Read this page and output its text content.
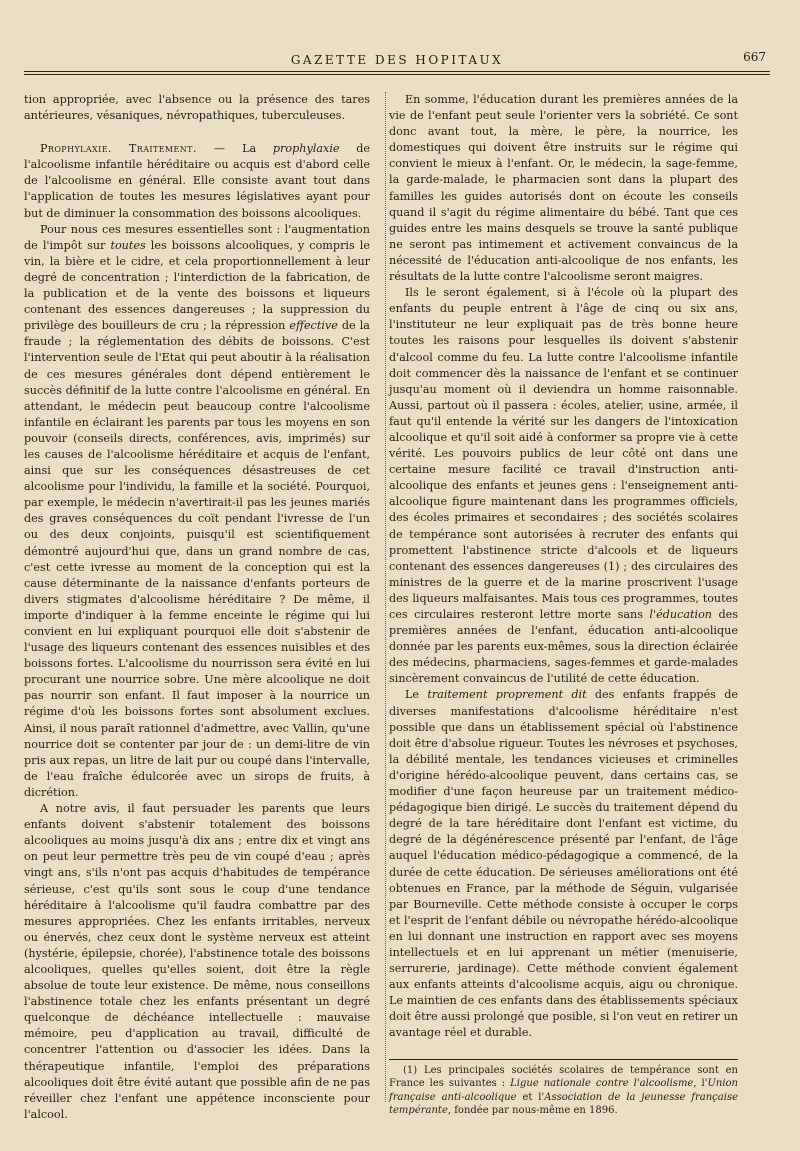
GAZETTE DES HOPITAUX	667

tion appropriée, avec l'absence ou la présence des tares antérieures, vésaniques, névropathiques, tuberculeuses.

Prophylaxie. Traitement. — La prophylaxie de l'alcoolisme infantile héréditaire ou acquis est d'abord celle de l'alcoolisme en général. Elle consiste avant tout dans l'application de toutes les mesures législatives ayant pour but de diminuer la consommation des boissons alcooliques.

Pour nous ces mesures essentielles sont : l'augmentation de l'impôt sur toutes les boissons alcooliques, y compris le vin, la bière et le cidre, et cela proportionnellement à leur degré de concentration ; l'interdiction de la fabrication, de la publication et de la vente des boissons et liqueurs contenant des essences dangereuses ; la suppression du privilège des bouilleurs de cru ; la répression effective de la fraude ; la réglementation des débits de boissons. C'est l'intervention seule de l'Etat qui peut aboutir à la réalisation de ces mesures générales dont dépend entièrement le succès définitif de la lutte contre l'alcoolisme en général. En attendant, le médecin peut beaucoup contre l'alcoolisme infantile en éclairant les parents par tous les moyens en son pouvoir (conseils directs, conférences, avis, imprimés) sur les causes de l'alcoolisme héréditaire et acquis de l'enfant, ainsi que sur les conséquences désastreuses de cet alcoolisme pour l'individu, la famille et la société. Pourquoi, par exemple, le médecin n'avertirait-il pas les jeunes mariés des graves conséquences du coït pendant l'ivresse de l'un ou des deux conjoints, puisqu'il est scientifiquement démontré aujourd'hui que, dans un grand nombre de cas, c'est cette ivresse au moment de la conception qui est la cause déterminante de la naissance d'enfants porteurs de divers stigmates d'alcoolisme héréditaire ? De même, il importe d'indiquer à la femme enceinte le régime qui lui convient en lui expliquant pourquoi elle doit s'abstenir de l'usage des liqueurs contenant des essences nuisibles et des boissons fortes. L'alcoolisme du nourrisson sera évité en lui procurant une nourrice sobre. Une mère alcoolique ne doit pas nourrir son enfant. Il faut imposer à la nourrice un régime d'où les boissons fortes sont absolument exclues. Ainsi, il nous paraît rationnel d'admettre, avec Vallin, qu'une nourrice doit se contenter par jour de : un demi-litre de vin pris aux repas, un litre de lait pur ou coupé dans l'intervalle, de l'eau fraîche édulcorée avec un sirops de fruits, à dicrétion.

A notre avis, il faut persuader les parents que leurs enfants doivent s'abstenir totalement des boissons alcooliques au moins jusqu'à dix ans ; entre dix et vingt ans on peut leur permettre très peu de vin coupé d'eau ; après vingt ans, s'ils n'ont pas acquis d'habitudes de tempérance sérieuse, c'est qu'ils sont sous le coup d'une tendance héréditaire à l'alcoolisme qu'il faudra combattre par des mesures appropriées. Chez les enfants irritables, nerveux ou énervés, chez ceux dont le système nerveux est atteint (hystérie, épilepsie, chorée), l'abstinence totale des boissons alcooliques, quelles qu'elles soient, doit être la règle absolue de toute leur existence. De même, nous conseillons l'abstinence totale chez les enfants présentant un degré quelconque de déchéance intellectuelle : mauvaise mémoire, peu d'application au travail, difficulté de concentrer l'attention ou d'associer les idées. Dans la thérapeutique infantile, l'emploi des préparations alcooliques doit être évité autant que possible afin de ne pas réveiller chez l'enfant une appétence inconsciente pour l'alcool.

En somme, l'éducation durant les premières années de la vie de l'enfant peut seule l'orienter vers la sobriété. Ce sont donc avant tout, la mère, le père, la nourrice, les domestiques qui doivent être instruits sur le régime qui convient le mieux à l'enfant. Or, le médecin, la sage-femme, la garde-malade, le pharmacien sont dans la plupart des familles les guides autorisés dont on écoute les conseils quand il s'agit du régime alimentaire du bébé. Tant que ces guides entre les mains desquels se trouve la santé publique ne seront pas intimement et activement convaincus de la nécessité de l'éducation anti-alcoolique de nos enfants, les résultats de la lutte contre l'alcoolisme seront maigres.

Ils le seront également, si à l'école où la plupart des enfants du peuple entrent à l'âge de cinq ou six ans, l'instituteur ne leur expliquait pas de très bonne heure toutes les raisons pour lesquelles ils doivent s'abstenir d'alcool comme du feu. La lutte contre l'alcoolisme infantile doit commencer dès la naissance de l'enfant et se continuer jusqu'au moment où il deviendra un homme raisonnable. Aussi, partout où il passera : écoles, atelier, usine, armée, il faut qu'il entende la vérité sur les dangers de l'intoxication alcoolique et qu'il soit aidé à conformer sa propre vie à cette vérité. Les pouvoirs publics de leur côté ont dans une certaine mesure facilité ce travail d'instruction anti-alcoolique des enfants et jeunes gens : l'enseignement anti-alcoolique figure maintenant dans les programmes officiels, des écoles primaires et secondaires ; des sociétés scolaires de tempérance sont autorisées à recruter des enfants qui promettent l'abstinence stricte d'alcools et de liqueurs contenant des essences dangereuses (1) ; des circulaires des ministres de la guerre et de la marine proscrivent l'usage des liqueurs malfaisantes. Mais tous ces programmes, toutes ces circulaires resteront lettre morte sans l'éducation des premières années de l'enfant, éducation anti-alcoolique donnée par les parents eux-mêmes, sous la direction éclairée des médecins, pharmaciens, sages-femmes et garde-malades sincèrement convaincus de l'utilité de cette éducation.

Le traitement proprement dit des enfants frappés de diverses manifestations d'alcoolisme héréditaire n'est possible que dans un établissement spécial où l'abstinence doit être d'absolue rigueur. Toutes les névroses et psychoses, la débilité mentale, les tendances vicieuses et criminelles d'origine hérédo-alcoolique peuvent, dans certains cas, se modifier d'une façon heureuse par un traitement médico-pédagogique bien dirigé. Le succès du traitement dépend du degré de la tare héréditaire dont l'enfant est victime, du degré de la dégénérescence présenté par l'enfant, de l'âge auquel l'éducation médico-pédagogique a commencé, de la durée de cette éducation. De sérieuses améliorations ont été obtenues en France, par la méthode de Séguin, vulgarisée par Bourneville. Cette méthode consiste à occuper le corps et l'esprit de l'enfant débile ou névropathe hérédo-alcoolique en lui donnant une instruction en rapport avec ses moyens intellectuels et en lui apprenant un métier (menuiserie, serrurerie, jardinage). Cette méthode convient également aux enfants atteints d'alcoolisme acquis, aigu ou chronique. Le maintien de ces enfants dans des établissements spéciaux doit être aussi prolongé que posible, si l'on veut en retirer un avantage réel et durable.

(1) Les principales sociétés scolaires de tempérance sont en France les suivantes : Ligue nationale contre l'alcoolisme, l'Union française anti-alcoolique et l'Association de la jeunesse française tempérante, fondée par nous-même en 1896.
